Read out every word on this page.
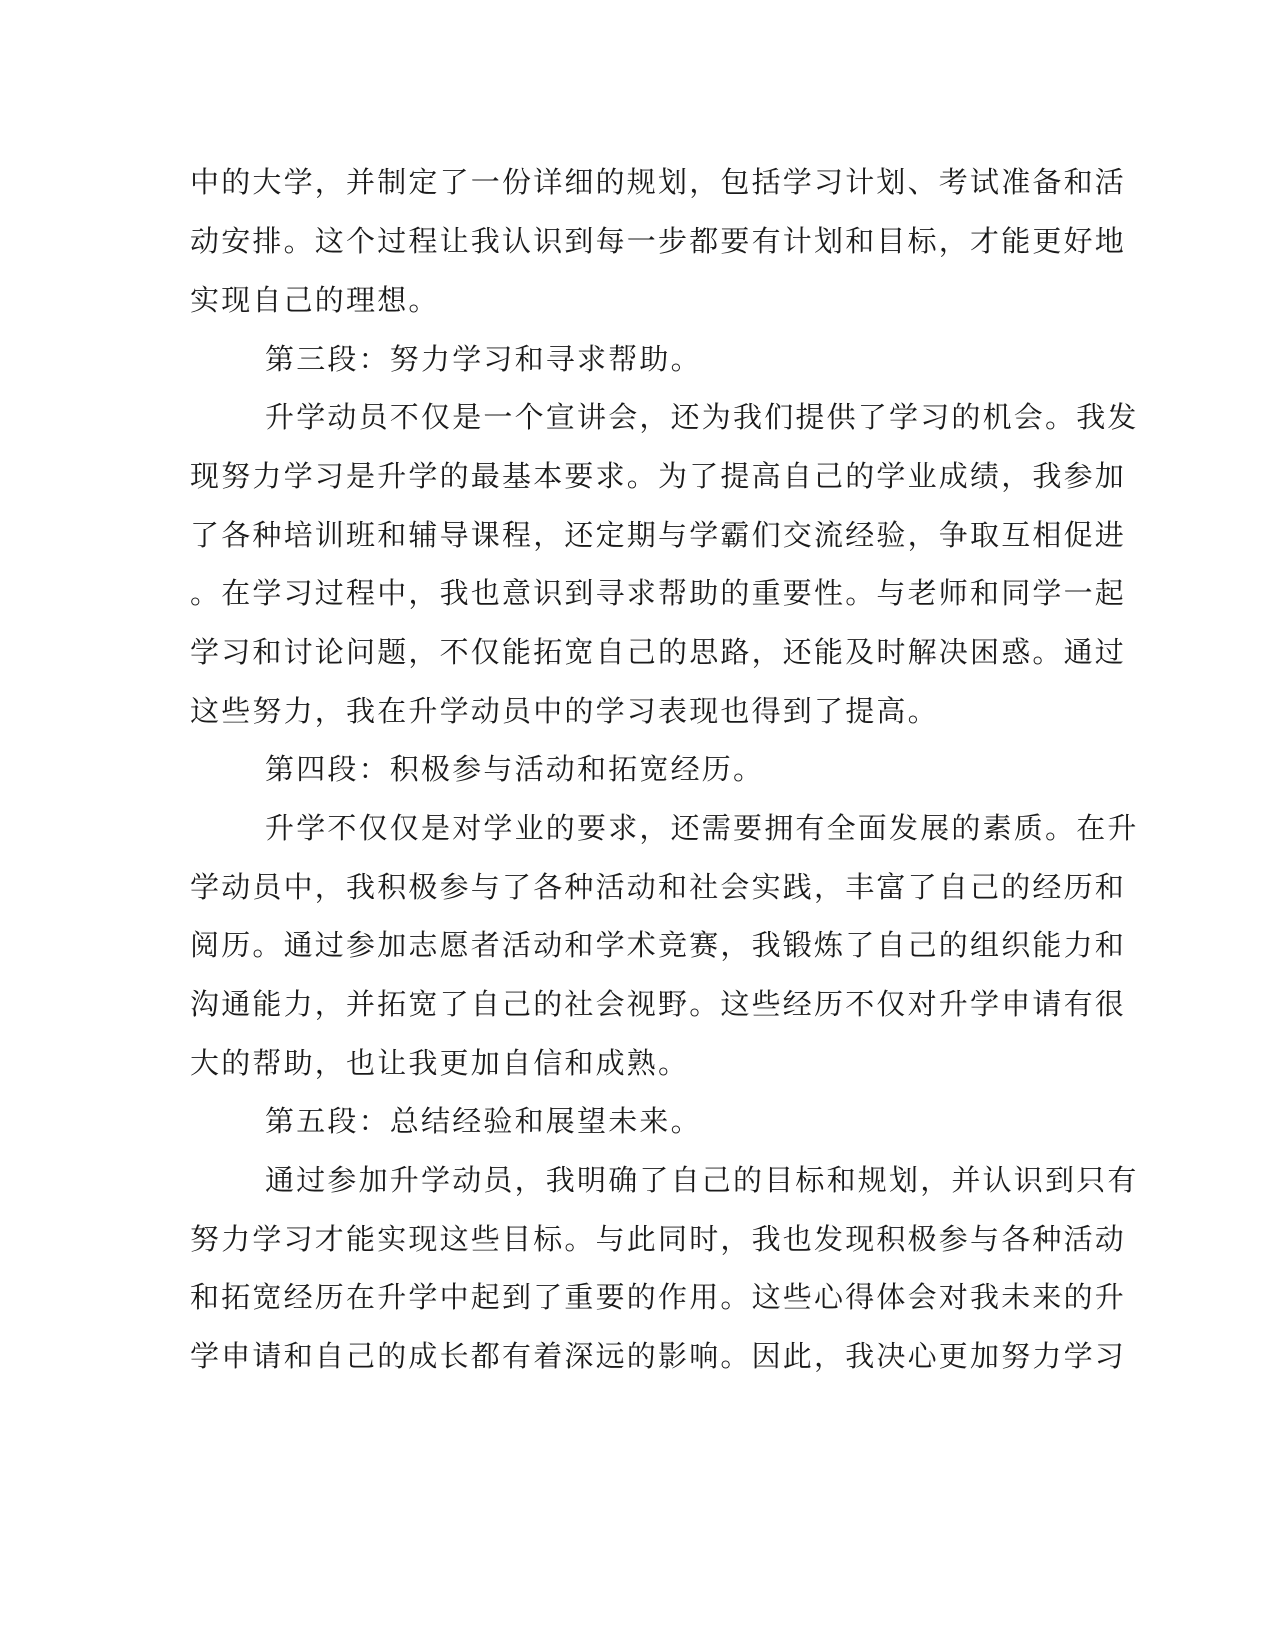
中的大学，并制定了一份详细的规划，包括学习计划、考试准备和活

动安排。这个过程让我认识到每一步都要有计划和目标，才能更好地

实现自己的理想。

第三段：努力学习和寻求帮助。

升学动员不仅是一个宣讲会，还为我们提供了学习的机会。我发

现努力学习是升学的最基本要求。为了提高自己的学业成绩，我参加

了各种培训班和辅导课程，还定期与学霸们交流经验，争取互相促进

。在学习过程中，我也意识到寻求帮助的重要性。与老师和同学一起

学习和讨论问题，不仅能拓宽自己的思路，还能及时解决困惑。通过

这些努力，我在升学动员中的学习表现也得到了提高。

第四段：积极参与活动和拓宽经历。

升学不仅仅是对学业的要求，还需要拥有全面发展的素质。在升

学动员中，我积极参与了各种活动和社会实践，丰富了自己的经历和

阅历。通过参加志愿者活动和学术竞赛，我锻炼了自己的组织能力和

沟通能力，并拓宽了自己的社会视野。这些经历不仅对升学申请有很

大的帮助，也让我更加自信和成熟。

第五段：总结经验和展望未来。

通过参加升学动员，我明确了自己的目标和规划，并认识到只有

努力学习才能实现这些目标。与此同时，我也发现积极参与各种活动

和拓宽经历在升学中起到了重要的作用。这些心得体会对我未来的升

学申请和自己的成长都有着深远的影响。因此，我决心更加努力学习
